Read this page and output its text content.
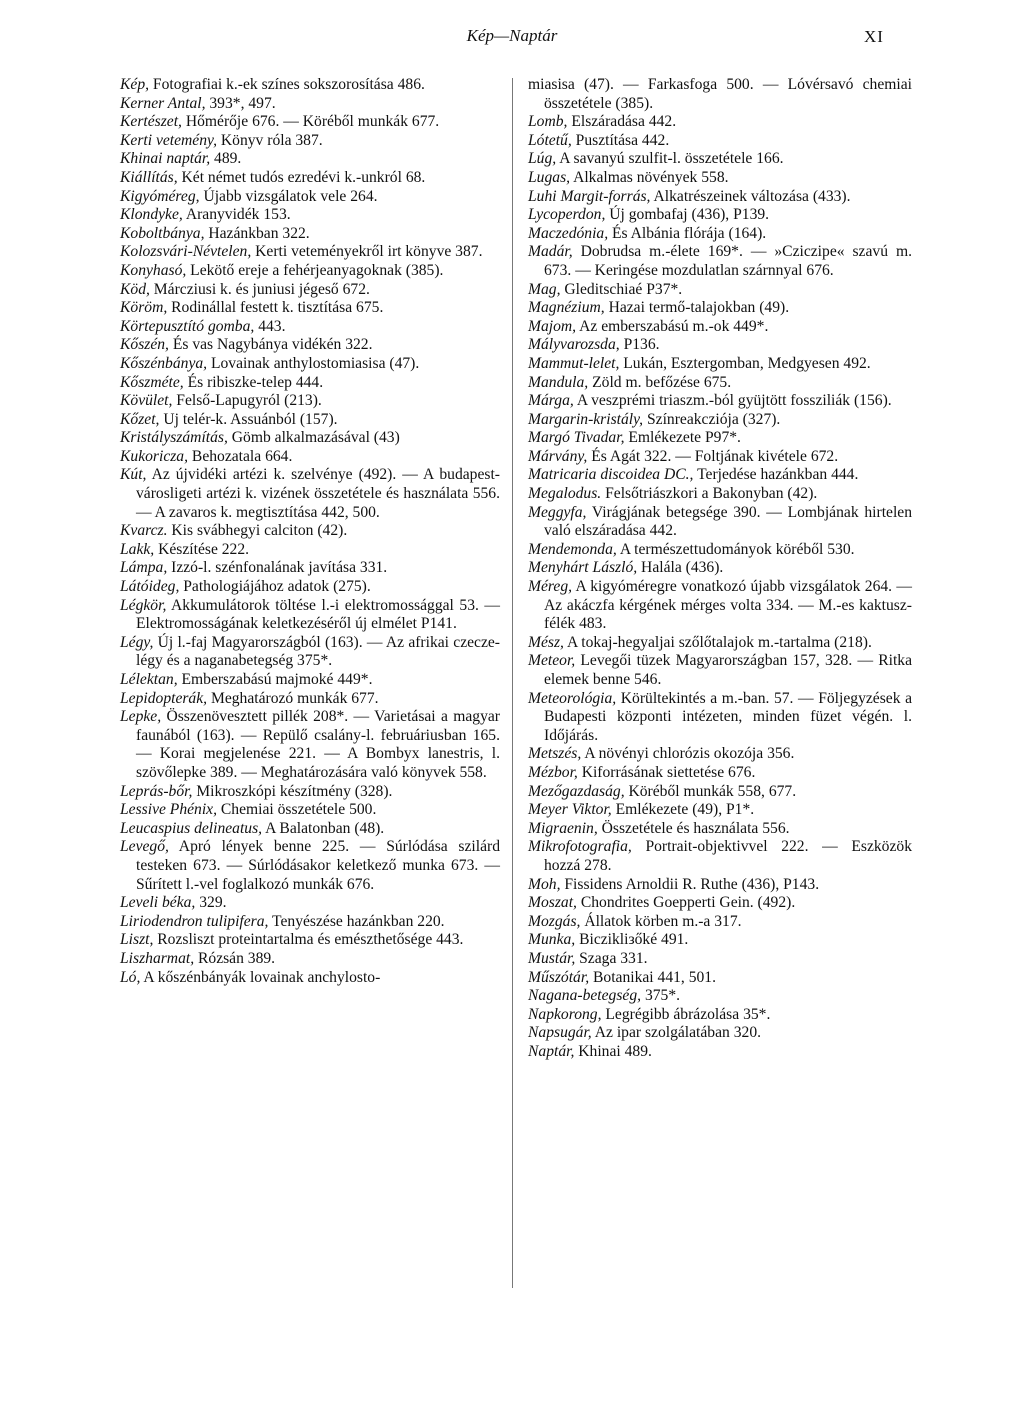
Kép—Naptár	XI

Kép, Fotografiai k.-ek színes sokszorosítása 486.

Kerner Antal, 393*, 497.

Kertészet, Hőmérője 676. — Köréből munkák 677.

Kerti vetemény, Könyv róla 387.

Khinai naptár, 489.

Kiállítás, Két német tudós ezredévi k.-unkról 68.

Kigyóméreg, Újabb vizsgálatok vele 264.

Klondyke, Aranyvidék 153.

Koboltbánya, Hazánkban 322.

Kolozsvári-Névtelen, Kerti veteményekről irt könyve 387.

Konyhasó, Lekötő ereje a fehérjeanyagoknak (385).

Köd, Márcziusi k. és juniusi jégeső 672.

Köröm, Rodinállal festett k. tisztítása 675.

Körtepusztító gomba, 443.

Kőszén, És vas Nagybánya vidékén 322.

Kőszénbánya, Lovainak anthylostomiasisa (47).

Kőszméte, És ribiszke-telep 444.

Kövület, Felső-Lapugyról (213).

Kőzet, Uj telér-k. Assuánból (157).

Kristályszámítás, Gömb alkalmazásával (43)

Kukoricza, Behozatala 664.

Kút, Az újvidéki artézi k. szelvénye (492). — A budapest-városligeti artézi k. vizének összetétele és használata 556. — A zavaros k. megtisztítása 442, 500.

Kvarcz. Kis svábhegyi calciton (42).

Lakk, Készítése 222.

Lámpa, Izzó-l. szénfonalának javítása 331.

Látóideg, Pathologiájához adatok (275).

Légkör, Akkumulátorok töltése l.-i elektromossággal 53. — Elektromosságának keletkezéséről új elmélet P141.

Légy, Új l.-faj Magyarországból (163). — Az afrikai czecze-légy és a naganabetegség 375*.

Lélektan, Emberszabású majmoké 449*.

Lepidopterák, Meghatározó munkák 677.

Lepke, Összenövesztett pillék 208*. — Varietásai a magyar faunából (163). — Repülő csalány-l. februáriusban 165. — Korai megjelenése 221. — A Bombyx lanestris, l. szövőlepke 389. — Meghatározására való könyvek 558.

Leprás-bőr, Mikroszkópi készítmény (328).

Lessive Phénix, Chemiai összetétele 500.

Leucaspius delineatus, A Balatonban (48).

Levegő, Apró lények benne 225. — Súrlódása szilárd testeken 673. — Súrlódásakor keletkező munka 673. — Sűrített l.-vel foglalkozó munkák 676.

Leveli béka, 329.

Liriodendron tulipifera, Tenyészése hazánkban 220.

Liszt, Rozsliszt proteintartalma és emészthetősége 443.

Liszharmat, Rózsán 389.

Ló, A kőszénbányák lovainak anchylosto-

miasisa (47). — Farkasfoga 500. — Lóvérsavó chemiai összetétele (385).

Lomb, Elszáradása 442.

Lótetű, Pusztítása 442.

Lúg, A savanyú szulfit-l. összetétele 166.

Lugas, Alkalmas növények 558.

Luhi Margit-forrás, Alkatrészeinek változása (433).

Lycoperdon, Új gombafaj (436), P139.

Maczedónia, És Albánia flórája (164).

Madár, Dobrudsa m.-élete 169*. — »Cziczipe« szavú m. 673. — Keringése mozdulatlan szárnnyal 676.

Mag, Gleditschiaé P37*.

Magnézium, Hazai termő-talajokban (49).

Majom, Az emberszabású m.-ok 449*.

Mályvarozsda, P136.

Mammut-lelet, Lukán, Esztergomban, Medgyesen 492.

Mandula, Zöld m. befőzése 675.

Márga, A veszprémi triaszm.-ból gyüjtött fossziliák (156).

Margarin-kristály, Színreakcziója (327).

Margó Tivadar, Emlékezete P97*.

Márvány, És Agát 322. — Foltjának kivétele 672.

Matricaria discoidea DC., Terjedése hazánkban 444.

Megalodus. Felsőtriászkori a Bakonyban (42).

Meggyfa, Virágjának betegsége 390. — Lombjának hirtelen való elszáradása 442.

Mendemonda, A természettudományok köréből 530.

Menyhárt László, Halála (436).

Méreg, A kigyóméregre vonatkozó újabb vizsgálatok 264. — Az akáczfa kérgének mérges volta 334. — M.-es kaktusz-félék 483.

Mész, A tokaj-hegyaljai szőlőtalajok m.-tartalma (218).

Meteor, Levegői tüzek Magyarországban 157, 328. — Ritka elemek benne 546.

Meteorológia, Körültekintés a m.-ban. 57. — Följegyzések a Budapesti központi intézeten, minden füzet végén. l. Időjárás.

Metszés, A növényi chlorózis okozója 356.

Mézbor, Kiforrásának siettetése 676.

Mezőgazdaság, Köréből munkák 558, 677.

Meyer Viktor, Emlékezete (49), P1*.

Migraenin, Összetétele és használata 556.

Mikrofotografia, Portrait-objektivvel 222. — Eszközök hozzá 278.

Moh, Fissidens Arnoldii R. Ruthe (436), P143.

Moszat, Chondrites Goepperti Gein. (492).

Mozgás, Állatok körben m.-a 317.

Munka, Biczikliзőké 491.

Mustár, Szaga 331.

Műszótár, Botanikai 441, 501.

Nagana-betegség, 375*.

Napkorong, Legrégibb ábrázolása 35*.

Napsugár, Az ipar szolgálatában 320.

Naptár, Khinai 489.
